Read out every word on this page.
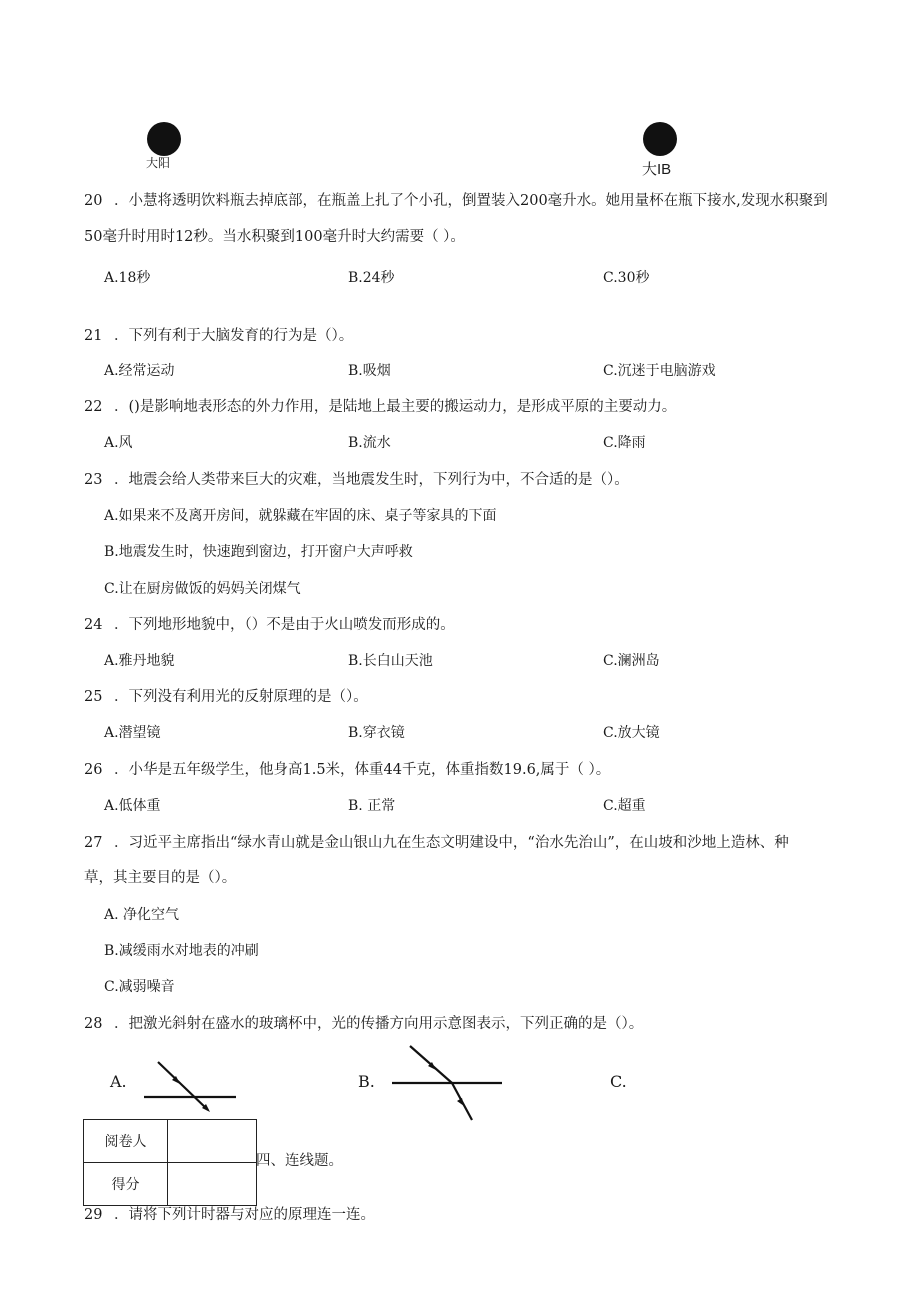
大阳	大IB
20 ．小慧将透明饮料瓶去掉底部，在瓶盖上扎了个小孔，倒置装入200毫升水。她用量杯在瓶下接水,发现水积聚到
50毫升时用时12秒。当水积聚到100毫升时大约需要（ ）。
A.18秒	B.24秒	C.30秒
21 ．下列有利于大脑发育的行为是（）。
A.经常运动	B.吸烟	C.沉迷于电脑游戏
22 ．()是影响地表形态的外力作用，是陆地上最主要的搬运动力，是形成平原的主要动力。
A.风	B.流水	C.降雨
23 ．地震会给人类带来巨大的灾难，当地震发生时，下列行为中，不合适的是（）。
A.如果来不及离开房间，就躲藏在牢固的床、桌子等家具的下面
B.地震发生时，快速跑到窗边，打开窗户大声呼救
C.让在厨房做饭的妈妈关闭煤气
24 ．下列地形地貌中，（）不是由于火山喷发而形成的。
A.雅丹地貌	B.长白山天池	C.澜洲岛
25 ．下列没有利用光的反射原理的是（）。
A.潜望镜	B.穿衣镜	C.放大镜
26 ．小华是五年级学生，他身高1.5米，体重44千克，体重指数19.6,属于（ ）。
A.低体重	B. 正常	C.超重
27 ．习近平主席指出“绿水青山就是金山银山九在生态文明建设中，“治水先治山”，在山坡和沙地上造林、种
草，其主要目的是（）。
A. 净化空气
B.减缓雨水对地表的冲刷
C.减弱噪音
28 ．把激光斜射在盛水的玻璃杯中，光的传播方向用示意图表示，下列正确的是（）。
A.	B.	C.
阅卷人	
得分	
四、连线题。
29 ．请将下列计时器与对应的原理连一连。
